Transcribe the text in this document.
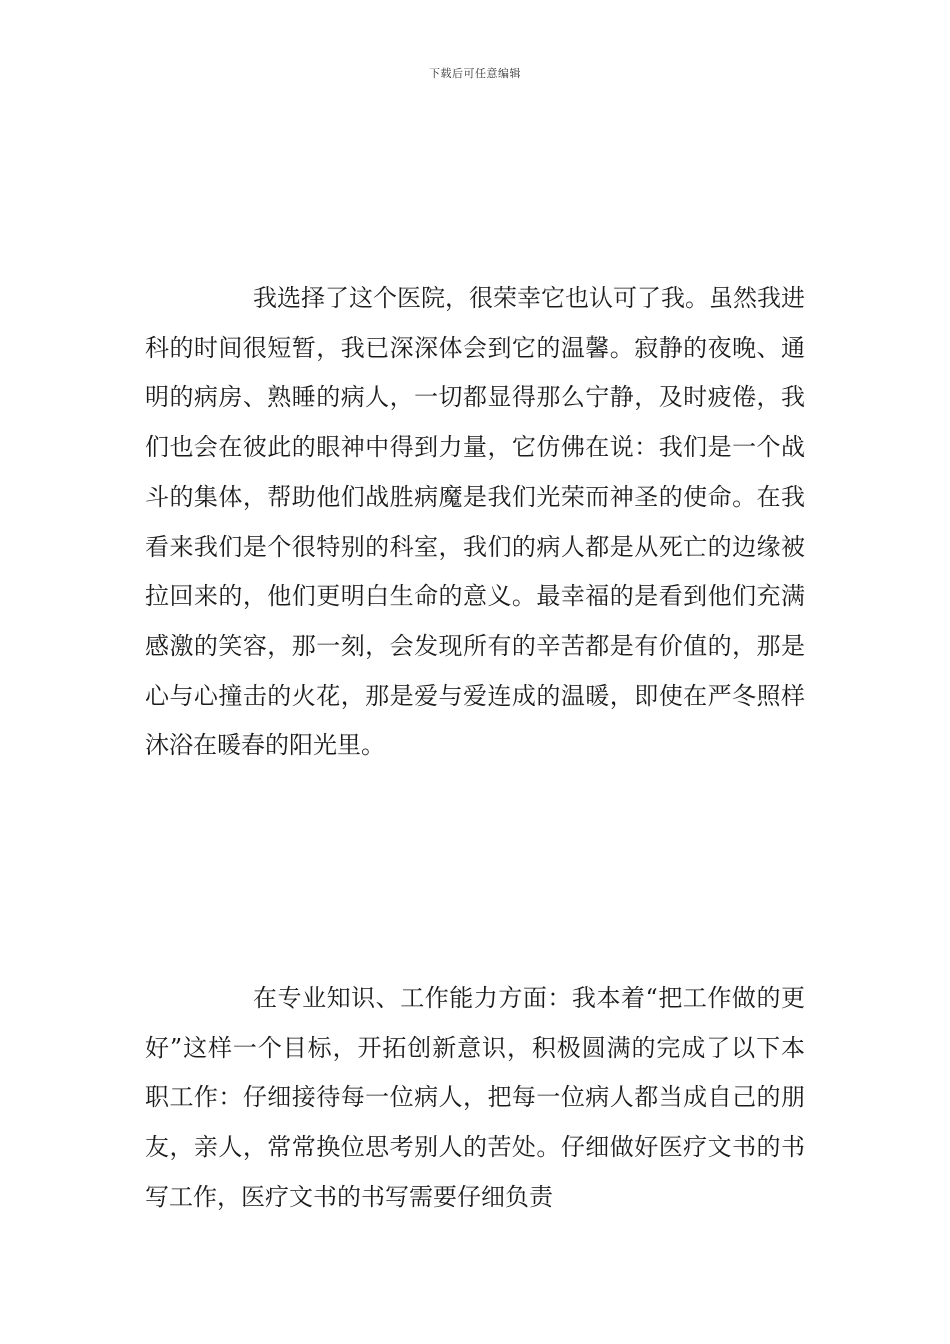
下载后可任意编辑

我选择了这个医院，很荣幸它也认可了我。虽然我进科的时间很短暂，我已深深体会到它的温馨。寂静的夜晚、通明的病房、熟睡的病人，一切都显得那么宁静，及时疲倦，我们也会在彼此的眼神中得到力量，它仿佛在说：我们是一个战斗的集体，帮助他们战胜病魔是我们光荣而神圣的使命。在我看来我们是个很特别的科室，我们的病人都是从死亡的边缘被拉回来的，他们更明白生命的意义。最幸福的是看到他们充满感激的笑容，那一刻，会发现所有的辛苦都是有价值的，那是心与心撞击的火花，那是爱与爱连成的温暖，即使在严冬照样沐浴在暖春的阳光里。

在专业知识、工作能力方面：我本着“把工作做的更好”这样一个目标，开拓创新意识，积极圆满的完成了以下本职工作：仔细接待每一位病人，把每一位病人都当成自己的朋友，亲人，常常换位思考别人的苦处。仔细做好医疗文书的书写工作，医疗文书的书写需要仔细负责
